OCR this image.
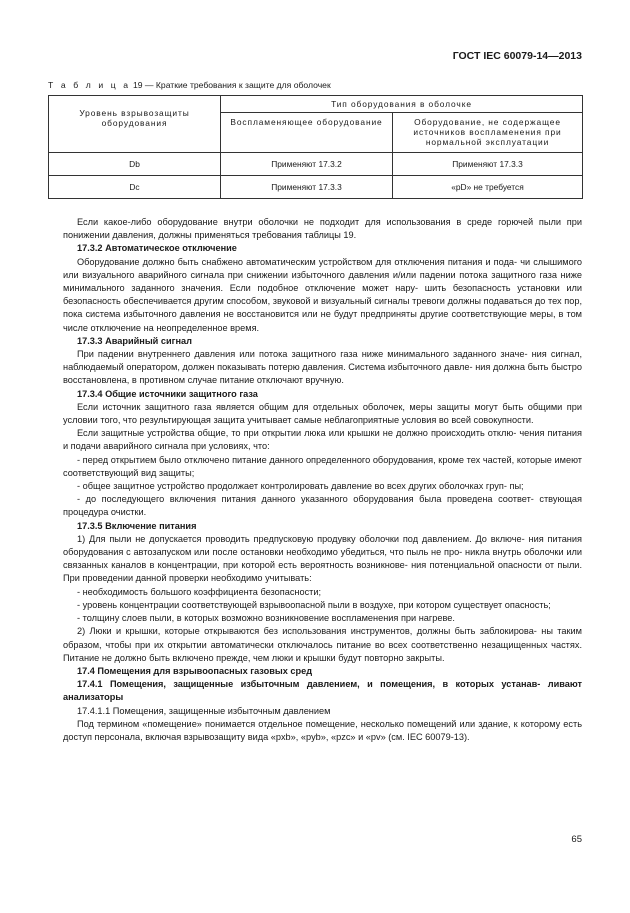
ГОСТ IEC 60079-14—2013
Т а б л и ц а 19 — Краткие требования к защите для оболочек
Уровень взрывозащиты оборудования	Тип оборудования в оболочке	
	Воспламеняющее оборудование	Оборудование, не содержащее источников воспламенения при нормальной эксплуатации
Db	Применяют 17.3.2	Применяют 17.3.3
Dc	Применяют 17.3.3	«pD» не требуется

Если какое-либо оборудование внутри оболочки не подходит для использования в среде горючей пыли при понижении давления, должны применяться требования таблицы 19.

17.3.2 Автоматическое отключение

Оборудование должно быть снабжено автоматическим устройством для отключения питания и пода- чи слышимого или визуального аварийного сигнала при снижении избыточного давления и/или падении потока защитного газа ниже минимального заданного значения. Если подобное отключение может нару- шить безопасность установки или безопасность обеспечивается другим способом, звуковой и визуальный сигналы тревоги должны подаваться до тех пор, пока система избыточного давления не восстановится или не будут предприняты другие соответствующие меры, в том числе отключение на неопределенное время.

17.3.3 Аварийный сигнал

При падении внутреннего давления или потока защитного газа ниже минимального заданного значе- ния сигнал, наблюдаемый оператором, должен показывать потерю давления. Система избыточного давле- ния должна быть быстро восстановлена, в противном случае питание отключают вручную.

17.3.4 Общие источники защитного газа

Если источник защитного газа является общим для отдельных оболочек, меры защиты могут быть общими при условии того, что результирующая защита учитывает самые неблагоприятные условия во всей совокупности.

Если защитные устройства общие, то при открытии люка или крышки не должно происходить отклю- чения питания и подачи аварийного сигнала при условиях, что:

- перед открытием было отключено питание данного определенного оборудования, кроме тех частей, которые имеют соответствующий вид защиты;

- общее защитное устройство продолжает контролировать давление во всех других оболочках груп- пы;

- до последующего включения питания данного указанного оборудования была проведена соответ- ствующая процедура очистки.

17.3.5 Включение питания

1) Для пыли не допускается проводить предпусковую продувку оболочки под давлением. До включе- ния питания оборудования с автозапуском или после остановки необходимо убедиться, что пыль не про- никла внутрь оболочки или связанных каналов в концентрации, при которой есть вероятность возникнове- ния потенциальной опасности от пыли. При проведении данной проверки необходимо учитывать:

- необходимость большого коэффициента безопасности;

- уровень концентрации соответствующей взрывоопасной пыли в воздухе, при котором существует опасность;

- толщину слоев пыли, в которых возможно возникновение воспламенения при нагреве.

2) Люки и крышки, которые открываются без использования инструментов, должны быть заблокирова- ны таким образом, чтобы при их открытии автоматически отключалось питание во всех соответственно незащищенных частях. Питание не должно быть включено прежде, чем люки и крышки будут повторно закрыты.

17.4 Помещения для взрывоопасных газовых сред

17.4.1 Помещения, защищенные избыточным давлением, и помещения, в которых устанав- ливают анализаторы

17.4.1.1 Помещения, защищенные избыточным давлением

Под термином «помещение» понимается отдельное помещение, несколько помещений или здание, к которому есть доступ персонала, включая взрывозащиту вида «pxb», «pyb», «pzc» и «pv» (см. IEC 60079-13).

65
